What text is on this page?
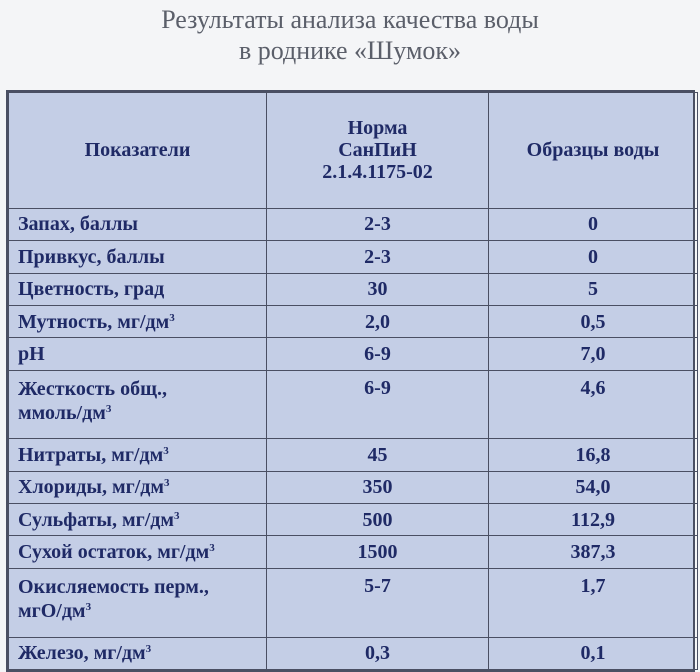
Результаты анализа качества воды
в роднике «Шумок»
Показатели	Норма
СанПиН
2.1.4.1175-02	Образцы воды
Запах, баллы	2-3	0
Привкус, баллы	2-3	0
Цветность, град	30	5
Мутность, $мг/дм^3$	2,0	0,5
pH	6-9	7,0

Жесткость общ.,
ммоль/$дм^3$	6-9	4,6
Нитраты, $мг/дм^3$	45	16,8
Хлориды, $мг/дм^3$	350	54,0
Сульфаты, $мг/дм^3$	500	112,9
Сухой остаток, $мг/дм^3$	1500	387,3

Окисляемость перм.,
мгО/$дм^3$	5-7	1,7
Железо, $мг/дм^3$	0,3	0,1
